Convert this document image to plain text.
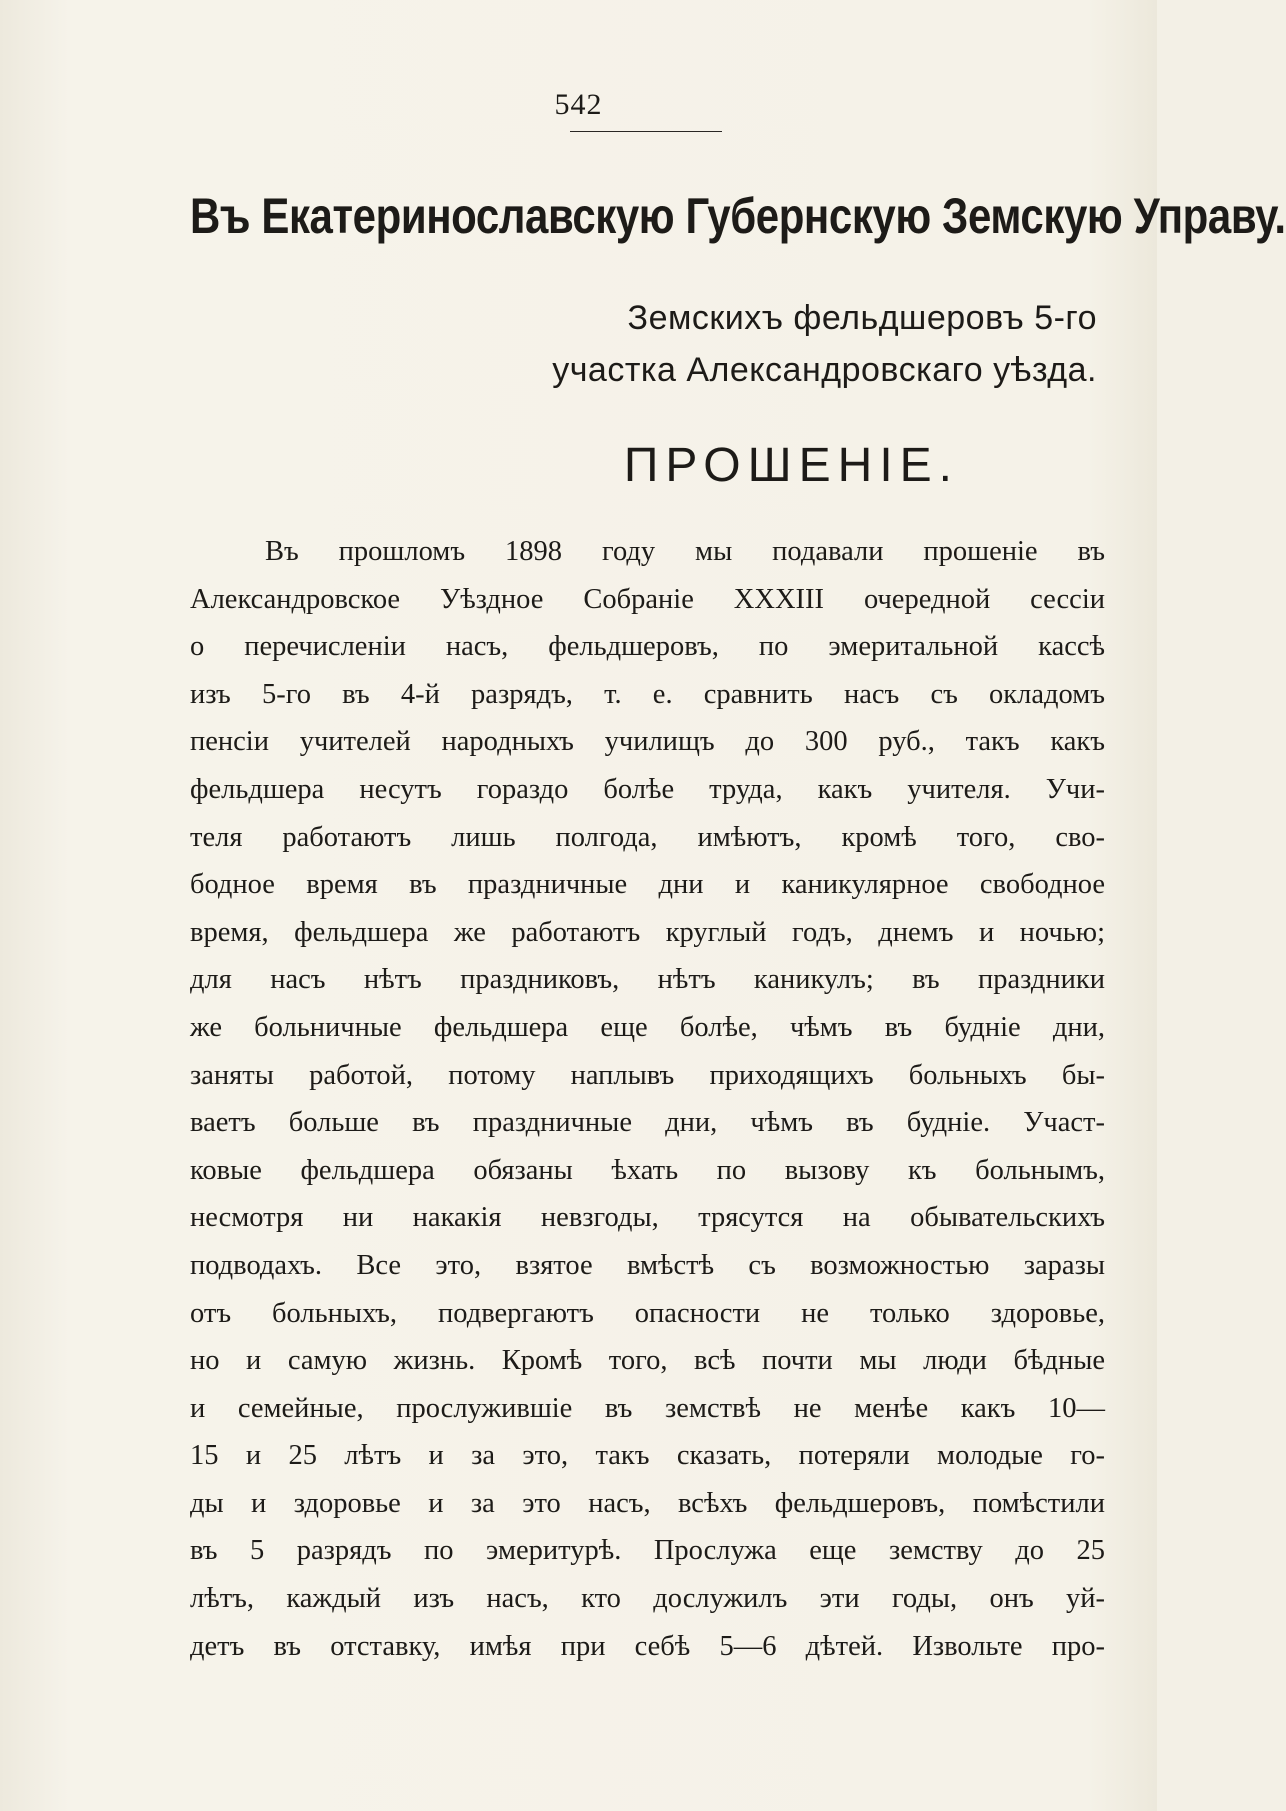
542
Въ Екатеринославскую Губернскую Земскую Управу.
Земскихъ фельдшеровъ 5-го
участка Александровскаго уѣзда.
ПРОШЕНІЕ.
Въ прошломъ 1898 году мы подавали прошеніе въ
Александровское Уѣздное Собраніе XXXIII очередной сессіи
о перечисленіи насъ, фельдшеровъ, по эмеритальной кассѣ
изъ 5-го въ 4-й разрядъ, т. е. сравнить насъ съ окладомъ
пенсіи учителей народныхъ училищъ до 300 руб., такъ какъ
фельдшера несутъ гораздо болѣе труда, какъ учителя. Учи-
теля работаютъ лишь полгода, имѣютъ, кромѣ того, сво-
бодное время въ праздничные дни и каникулярное свободное
время, фельдшера же работаютъ круглый годъ, днемъ и ночью;
для насъ нѣтъ праздниковъ, нѣтъ каникулъ; въ праздники
же больничные фельдшера еще болѣе, чѣмъ въ будніе дни,
заняты работой, потому наплывъ приходящихъ больныхъ бы-
ваетъ больше въ праздничные дни, чѣмъ въ будніе. Участ-
ковые фельдшера обязаны ѣхать по вызову къ больнымъ,
несмотря ни накакія невзгоды, трясутся на обывательскихъ
подводахъ. Все это, взятое вмѣстѣ съ возможностью заразы
отъ больныхъ, подвергаютъ опасности не только здоровье,
но и самую жизнь. Кромѣ того, всѣ почти мы люди бѣдные
и семейные, прослужившіе въ земствѣ не менѣе какъ 10—
15 и 25 лѣтъ и за это, такъ сказать, потеряли молодые го-
ды и здоровье и за это насъ, всѣхъ фельдшеровъ, помѣстили
въ 5 разрядъ по эмеритурѣ. Прослужа еще земству до 25
лѣтъ, каждый изъ насъ, кто дослужилъ эти годы, онъ уй-
детъ въ отставку, имѣя при себѣ 5—6 дѣтей. Извольте про-
